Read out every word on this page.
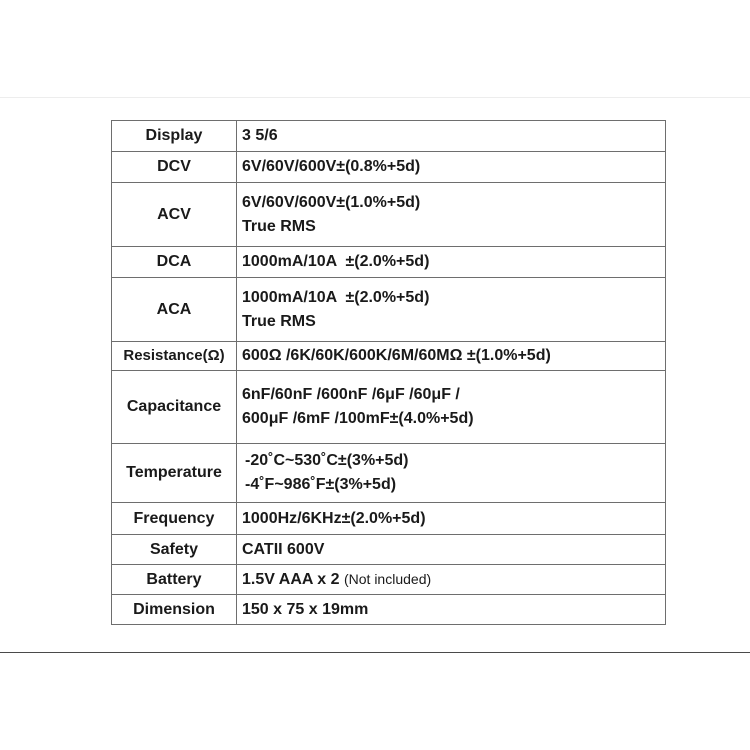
Display	3 5/6

DCV	6V/60V/600V±(0.8%+5d)

ACV	6V/60V/600V±(1.0%+5d)
True RMS

DCA	1000mA/10A  ±(2.0%+5d)

ACA	1000mA/10A  ±(2.0%+5d)
True RMS

Resistance(Ω)	600Ω /6K/60K/600K/6M/60MΩ ±(1.0%+5d)

Capacitance	6nF/60nF /600nF /6μF /60μF /
600μF /6mF /100mF±(4.0%+5d)

Temperature	-20˚C~530˚C±(3%+5d)
-4˚F~986˚F±(3%+5d)

Frequency	1000Hz/6KHz±(2.0%+5d)

Safety	CATII 600V

Battery	1.5V AAA x 2 (Not included)

Dimension	150 x 75 x 19mm
